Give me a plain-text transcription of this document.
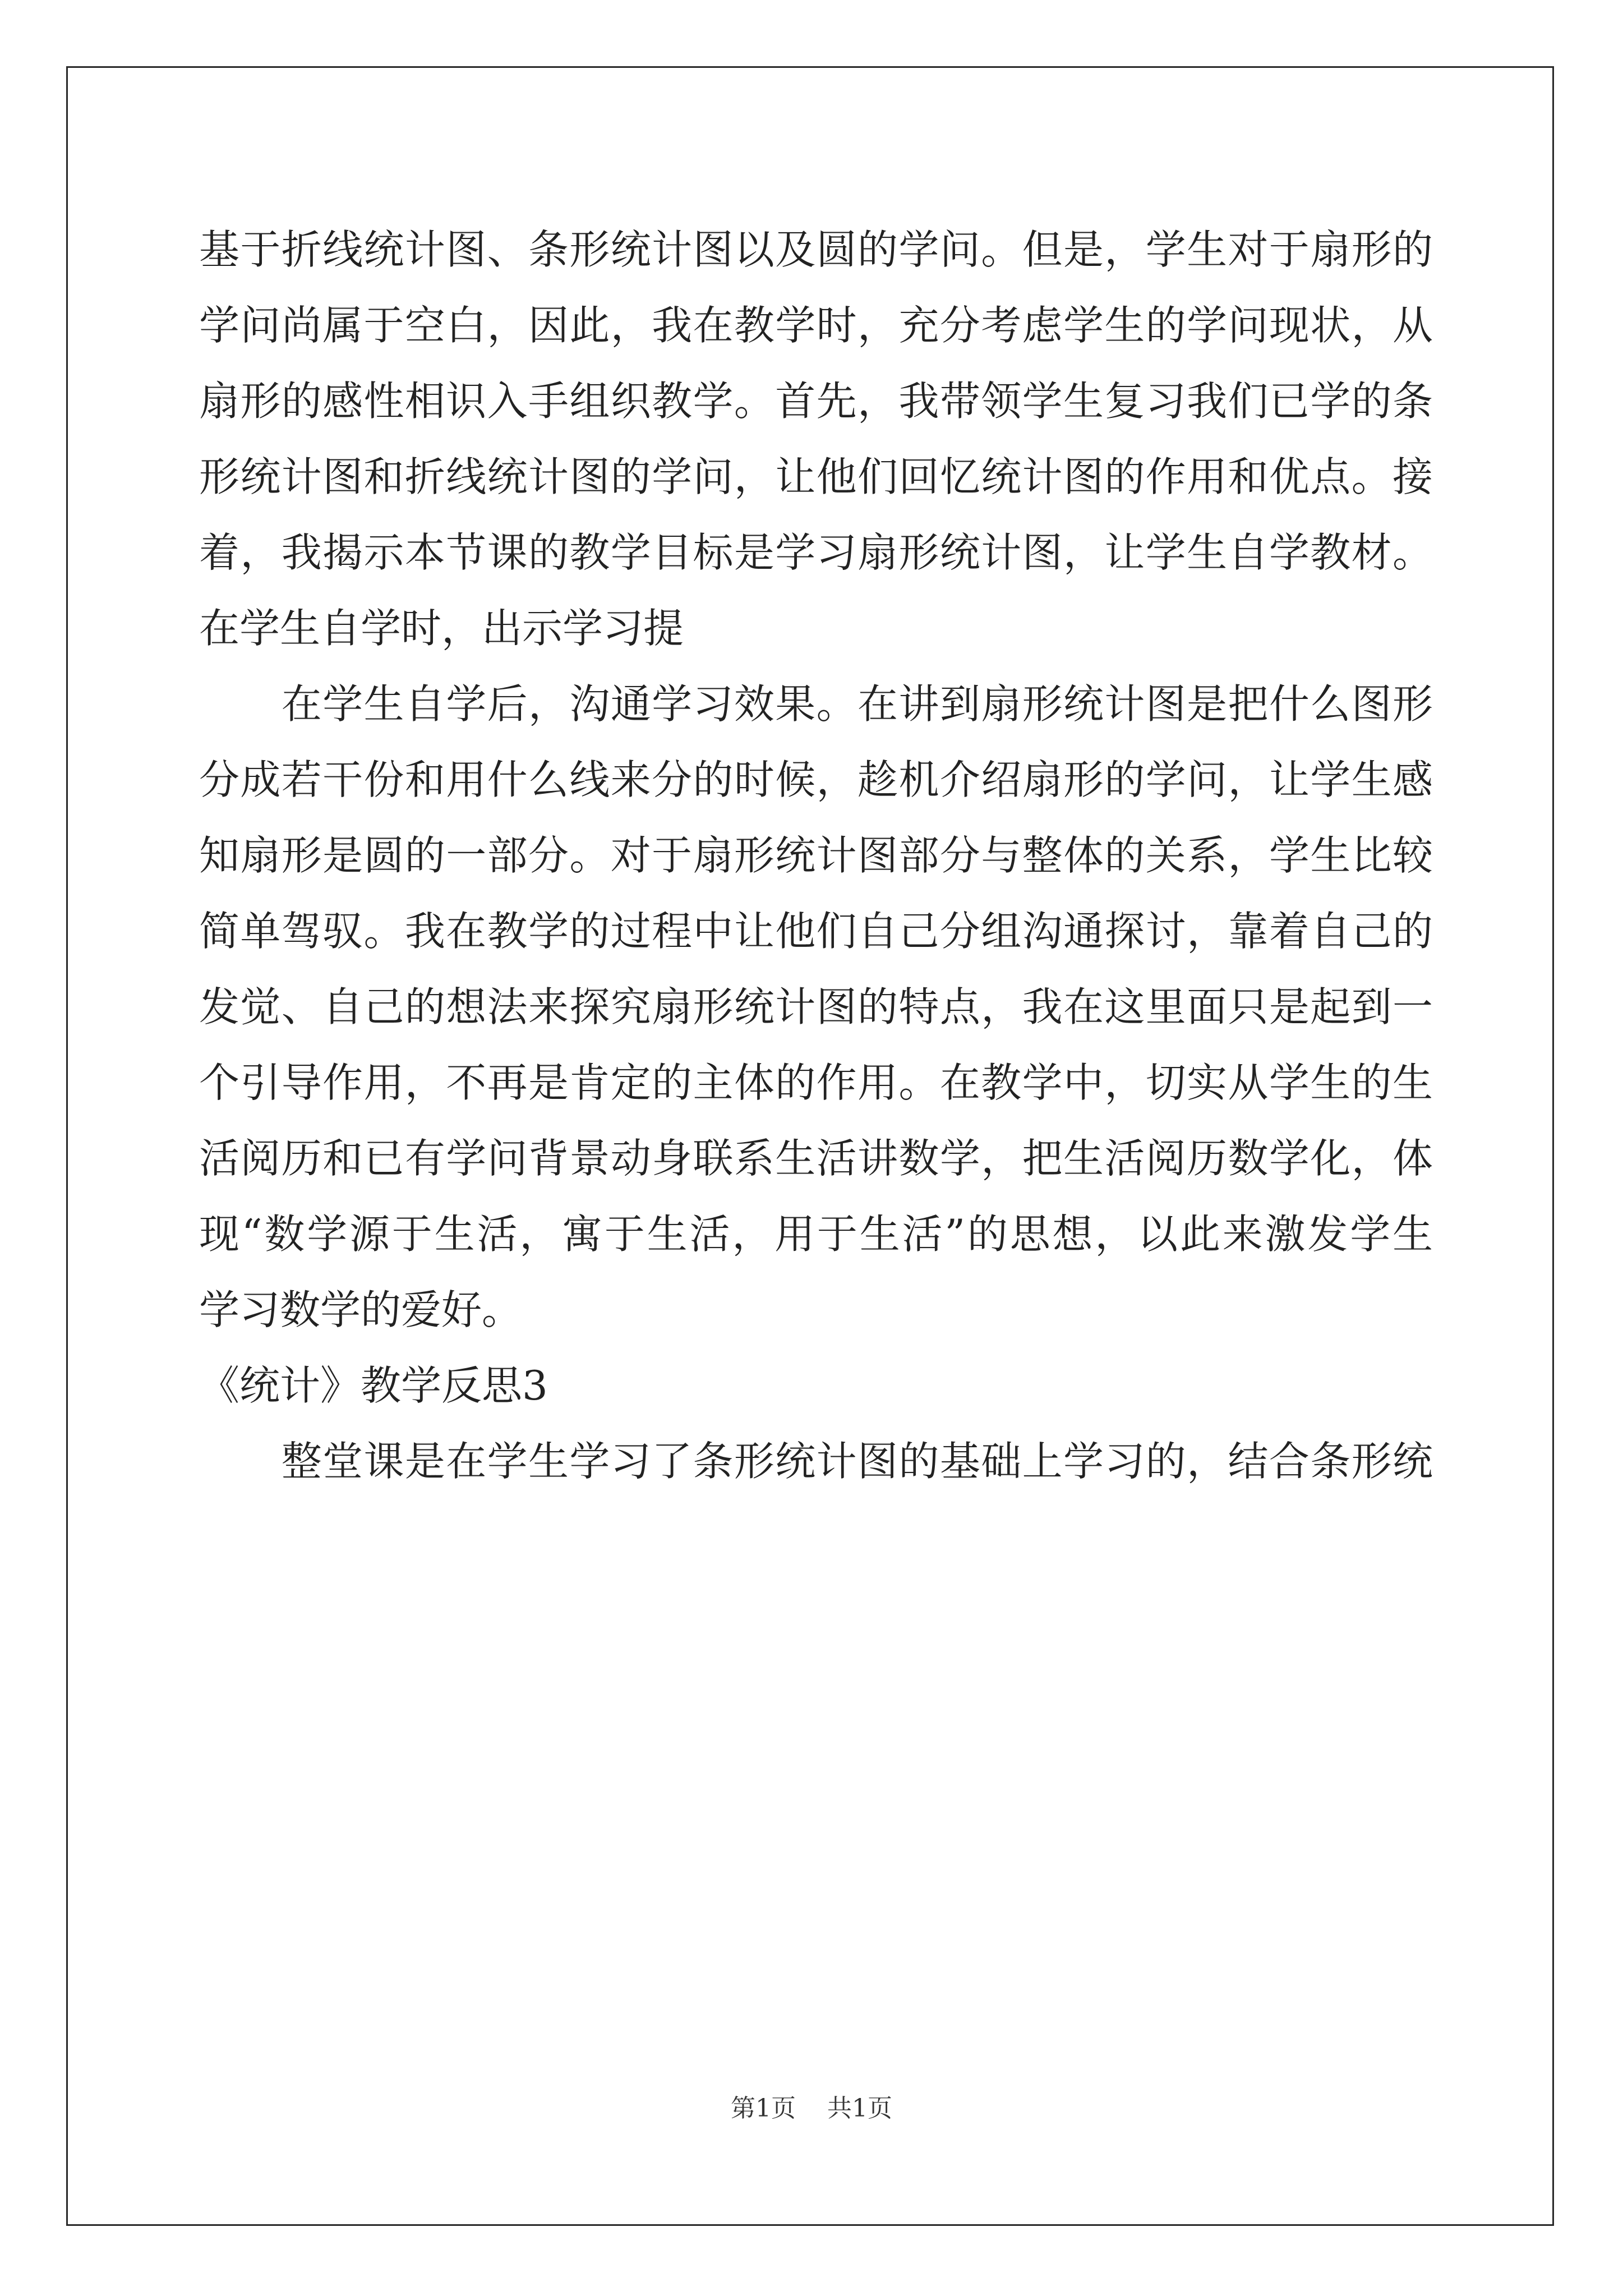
基于折线统计图、条形统计图以及圆的学问。但是，学生对于扇形的
学问尚属于空白，因此，我在教学时，充分考虑学生的学问现状，从
扇形的感性相识入手组织教学。首先，我带领学生复习我们已学的条
形统计图和折线统计图的学问，让他们回忆统计图的作用和优点。接
着，我揭示本节课的教学目标是学习扇形统计图，让学生自学教材。
在学生自学时，出示学习提
　　在学生自学后，沟通学习效果。在讲到扇形统计图是把什么图形
分成若干份和用什么线来分的时候，趁机介绍扇形的学问，让学生感
知扇形是圆的一部分。对于扇形统计图部分与整体的关系，学生比较
简单驾驭。我在教学的过程中让他们自己分组沟通探讨，靠着自己的
发觉、自己的想法来探究扇形统计图的特点，我在这里面只是起到一
个引导作用，不再是肯定的主体的作用。在教学中，切实从学生的生
活阅历和已有学问背景动身联系生活讲数学，把生活阅历数学化，体
现“数学源于生活，寓于生活，用于生活”的思想，以此来激发学生
学习数学的爱好。
《统计》教学反思3
　　整堂课是在学生学习了条形统计图的基础上学习的，结合条形统
第1页 共1页
